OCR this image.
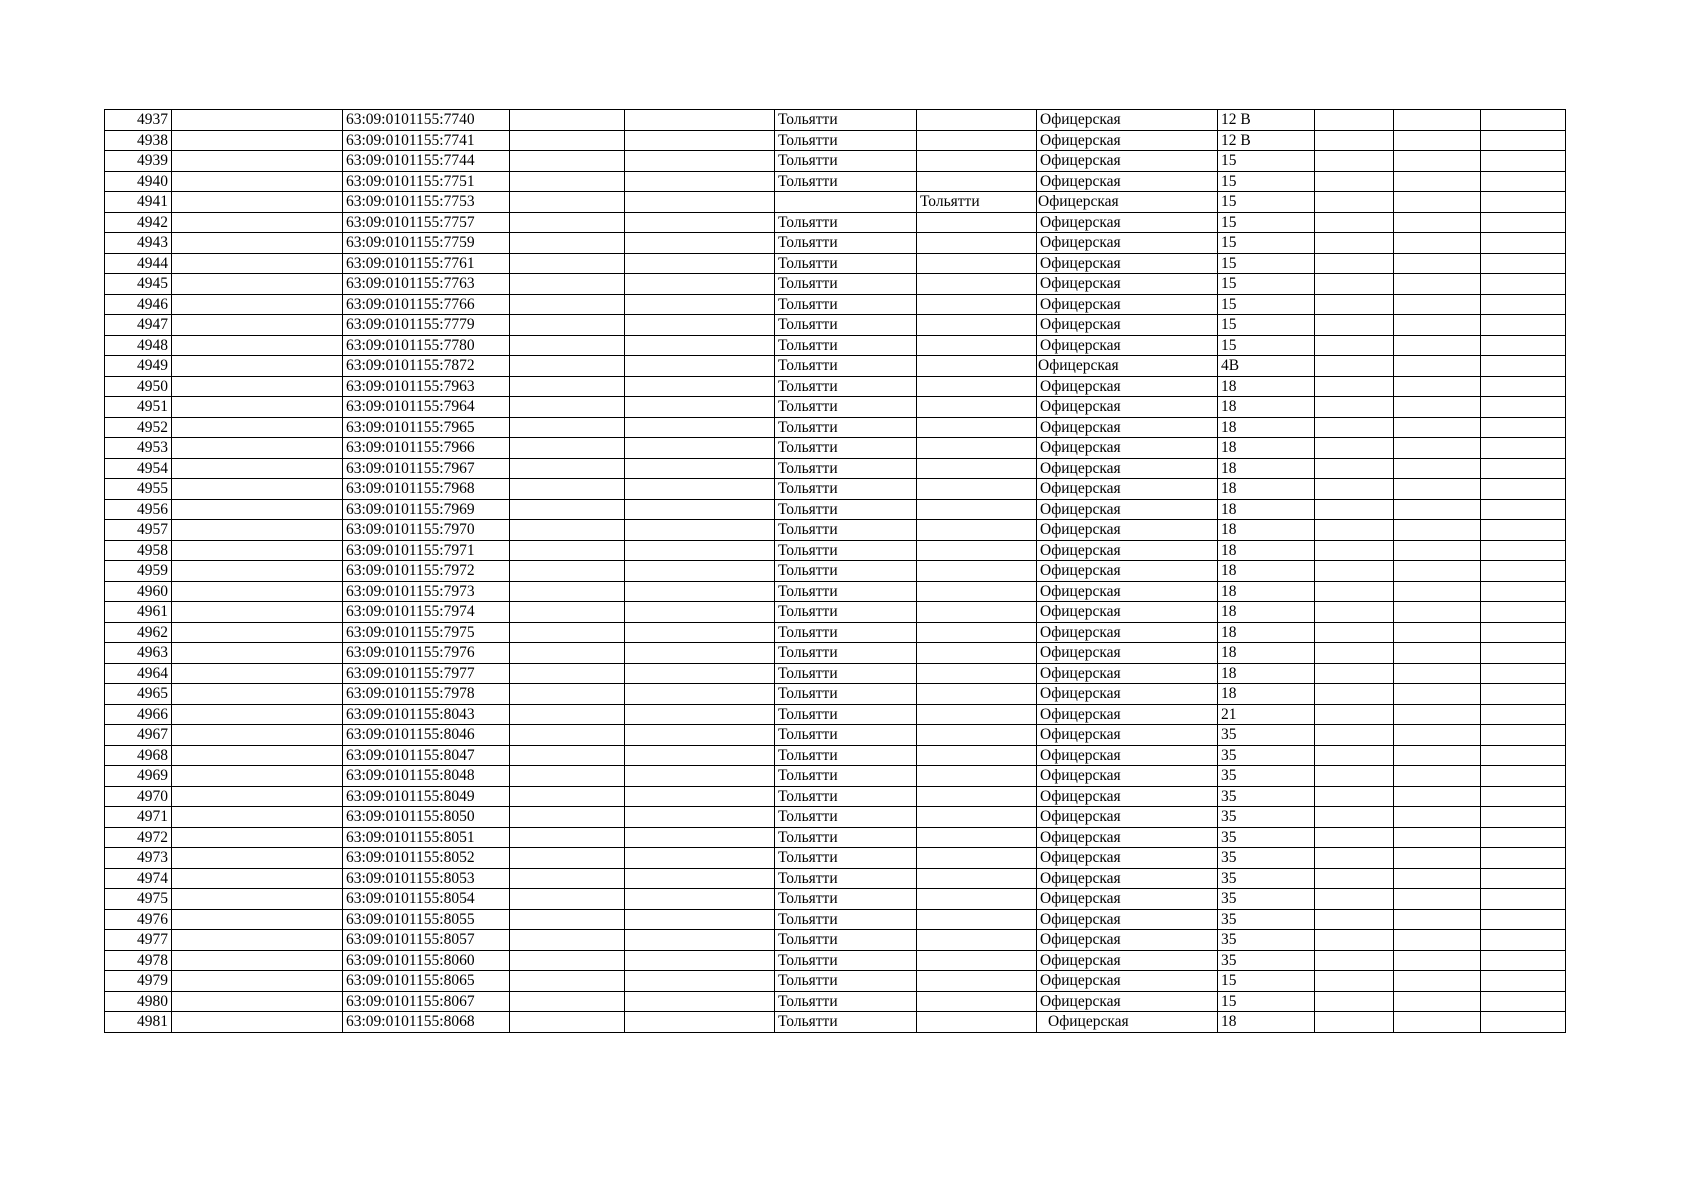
4937		63:09:0101155:7740			Тольятти		Офицерская	12 В			
4938		63:09:0101155:7741			Тольятти		Офицерская	12 В			
4939		63:09:0101155:7744			Тольятти		Офицерская	15			
4940		63:09:0101155:7751			Тольятти		Офицерская	15			
4941		63:09:0101155:7753				Тольятти	Офицерская	15			
4942		63:09:0101155:7757			Тольятти		Офицерская	15			
4943		63:09:0101155:7759			Тольятти		Офицерская	15			
4944		63:09:0101155:7761			Тольятти		Офицерская	15			
4945		63:09:0101155:7763			Тольятти		Офицерская	15			
4946		63:09:0101155:7766			Тольятти		Офицерская	15			
4947		63:09:0101155:7779			Тольятти		Офицерская	15			
4948		63:09:0101155:7780			Тольятти		Офицерская	15			
4949		63:09:0101155:7872			Тольятти		Офицерская	4В			
4950		63:09:0101155:7963			Тольятти		Офицерская	18			
4951		63:09:0101155:7964			Тольятти		Офицерская	18			
4952		63:09:0101155:7965			Тольятти		Офицерская	18			
4953		63:09:0101155:7966			Тольятти		Офицерская	18			
4954		63:09:0101155:7967			Тольятти		Офицерская	18			
4955		63:09:0101155:7968			Тольятти		Офицерская	18			
4956		63:09:0101155:7969			Тольятти		Офицерская	18			
4957		63:09:0101155:7970			Тольятти		Офицерская	18			
4958		63:09:0101155:7971			Тольятти		Офицерская	18			
4959		63:09:0101155:7972			Тольятти		Офицерская	18			
4960		63:09:0101155:7973			Тольятти		Офицерская	18			
4961		63:09:0101155:7974			Тольятти		Офицерская	18			
4962		63:09:0101155:7975			Тольятти		Офицерская	18			
4963		63:09:0101155:7976			Тольятти		Офицерская	18			
4964		63:09:0101155:7977			Тольятти		Офицерская	18			
4965		63:09:0101155:7978			Тольятти		Офицерская	18			
4966		63:09:0101155:8043			Тольятти		Офицерская	21			
4967		63:09:0101155:8046			Тольятти		Офицерская	35			
4968		63:09:0101155:8047			Тольятти		Офицерская	35			
4969		63:09:0101155:8048			Тольятти		Офицерская	35			
4970		63:09:0101155:8049			Тольятти		Офицерская	35			
4971		63:09:0101155:8050			Тольятти		Офицерская	35			
4972		63:09:0101155:8051			Тольятти		Офицерская	35			
4973		63:09:0101155:8052			Тольятти		Офицерская	35			
4974		63:09:0101155:8053			Тольятти		Офицерская	35			
4975		63:09:0101155:8054			Тольятти		Офицерская	35			
4976		63:09:0101155:8055			Тольятти		Офицерская	35			
4977		63:09:0101155:8057			Тольятти		Офицерская	35			
4978		63:09:0101155:8060			Тольятти		Офицерская	35			
4979		63:09:0101155:8065			Тольятти		Офицерская	15			
4980		63:09:0101155:8067			Тольятти		Офицерская	15			
4981		63:09:0101155:8068			Тольятти		Офицерская	18			
